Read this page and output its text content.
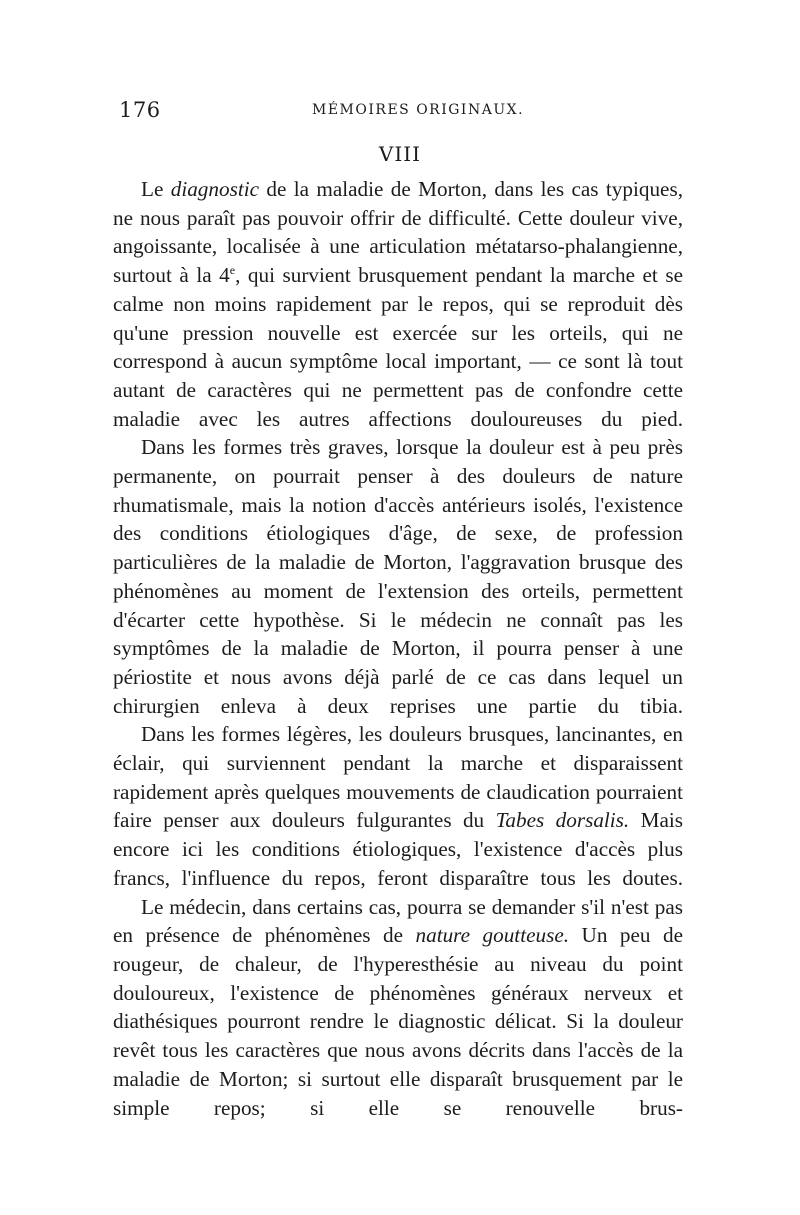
176	MÉMOIRES ORIGINAUX.
VIII

Le diagnostic de la maladie de Morton, dans les cas typiques, ne nous paraît pas pouvoir offrir de difficulté. Cette douleur vive, angoissante, localisée à une articulation métatarso-phalangienne, surtout à la 4e, qui survient brusquement pendant la marche et se calme non moins rapidement par le repos, qui se reproduit dès qu'une pression nouvelle est exercée sur les orteils, qui ne correspond à aucun symptôme local important, — ce sont là tout autant de caractères qui ne permettent pas de confondre cette maladie avec les autres affections douloureuses du pied.

Dans les formes très graves, lorsque la douleur est à peu près permanente, on pourrait penser à des douleurs de nature rhumatismale, mais la notion d'accès antérieurs isolés, l'existence des conditions étiologiques d'âge, de sexe, de profession particulières de la maladie de Morton, l'aggravation brusque des phénomènes au moment de l'extension des orteils, permettent d'écarter cette hypothèse. Si le médecin ne connaît pas les symptômes de la maladie de Morton, il pourra penser à une périostite et nous avons déjà parlé de ce cas dans lequel un chirurgien enleva à deux reprises une partie du tibia.

Dans les formes légères, les douleurs brusques, lancinantes, en éclair, qui surviennent pendant la marche et disparaissent rapidement après quelques mouvements de claudication pourraient faire penser aux douleurs fulgurantes du Tabes dorsalis. Mais encore ici les conditions étiologiques, l'existence d'accès plus francs, l'influence du repos, feront disparaître tous les doutes.

Le médecin, dans certains cas, pourra se demander s'il n'est pas en présence de phénomènes de nature goutteuse. Un peu de rougeur, de chaleur, de l'hyperesthésie au niveau du point douloureux, l'existence de phénomènes généraux nerveux et diathésiques pourront rendre le diagnostic délicat. Si la douleur revêt tous les caractères que nous avons décrits dans l'accès de la maladie de Morton; si surtout elle disparaît brusquement par le simple repos; si elle se renouvelle brus-
